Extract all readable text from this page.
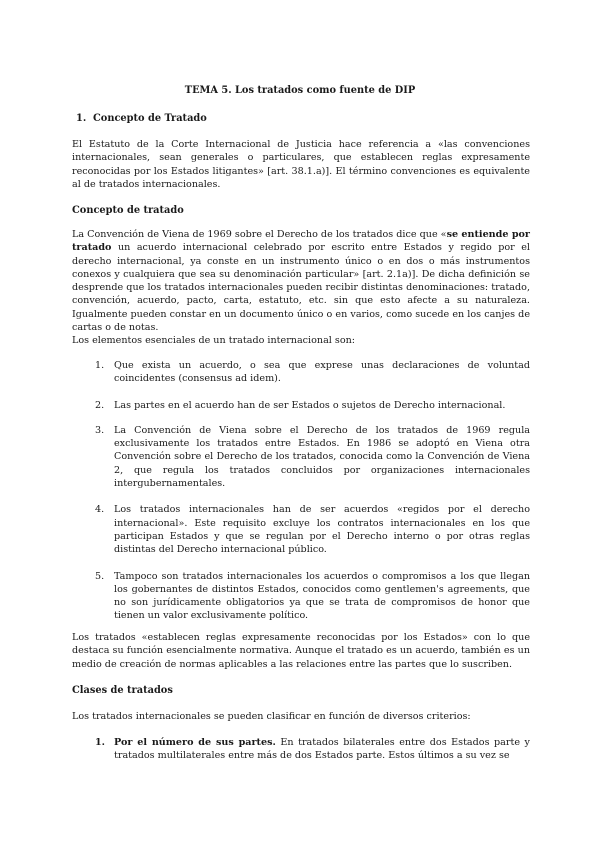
TEMA 5. Los tratados como fuente de DIP
1. Concepto de Tratado

El Estatuto de la Corte Internacional de Justicia hace referencia a «las convenciones internacionales, sean generales o particulares, que establecen reglas expresamente reconocidas por los Estados litigantes» [art. 38.1.a)]. El término convenciones es equivalente al de tratados internacionales.

Concepto de tratado

La Convención de Viena de 1969 sobre el Derecho de los tratados dice que «se entiende por tratado un acuerdo internacional celebrado por escrito entre Estados y regido por el derecho internacional, ya conste en un instrumento único o en dos o más instrumentos conexos y cualquiera que sea su denominación particular» [art. 2.1a)]. De dicha definición se desprende que los tratados internacionales pueden recibir distintas denominaciones: tratado, convención, acuerdo, pacto, carta, estatuto, etc. sin que esto afecte a su naturaleza. Igualmente pueden constar en un documento único o en varios, como sucede en los canjes de cartas o de notas.

Los elementos esenciales de un tratado internacional son:

1.	Que exista un acuerdo, o sea que exprese unas declaraciones de voluntad coincidentes (consensus ad idem).
2.	Las partes en el acuerdo han de ser Estados o sujetos de Derecho internacional.
3.	La Convención de Viena sobre el Derecho de los tratados de 1969 regula exclusivamente los tratados entre Estados. En 1986 se adoptó en Viena otra Convención sobre el Derecho de los tratados, conocida como la Convención de Viena 2, que regula los tratados concluidos por organizaciones internacionales intergubernamentales.
4.	Los tratados internacionales han de ser acuerdos «regidos por el derecho internacional». Este requisito excluye los contratos internacionales en los que participan Estados y que se regulan por el Derecho interno o por otras reglas distintas del Derecho internacional público.
5.	Tampoco son tratados internacionales los acuerdos o compromisos a los que llegan los gobernantes de distintos Estados, conocidos como gentlemen's agreements, que no son jurídicamente obligatorios ya que se trata de compromisos de honor que tienen un valor exclusivamente político.

Los tratados «establecen reglas expresamente reconocidas por los Estados» con lo que destaca su función esencialmente normativa. Aunque el tratado es un acuerdo, también es un medio de creación de normas aplicables a las relaciones entre las partes que lo suscriben.

Clases de tratados

Los tratados internacionales se pueden clasificar en función de diversos criterios:

1. Por el número de sus partes. En tratados bilaterales entre dos Estados parte y tratados multilaterales entre más de dos Estados parte. Estos últimos a su vez se
